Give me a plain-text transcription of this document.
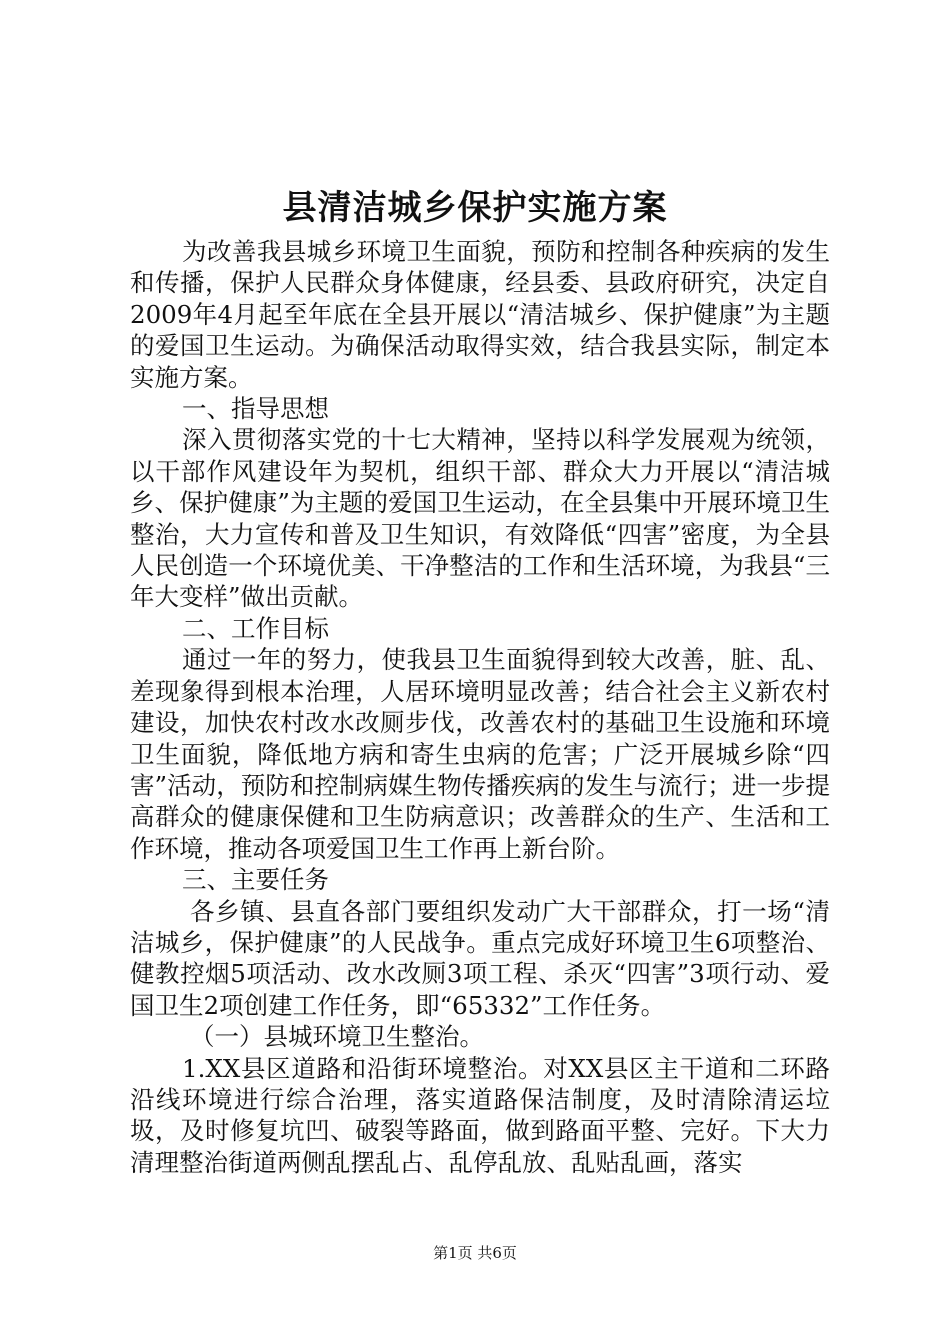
县清洁城乡保护实施方案

为改善我县城乡环境卫生面貌，预防和控制各种疾病的发生和传播，保护人民群众身体健康，经县委、县政府研究，决定自2009年4月起至年底在全县开展以“清洁城乡、保护健康”为主题的爱国卫生运动。为确保活动取得实效，结合我县实际，制定本实施方案。

一、指导思想

深入贯彻落实党的十七大精神，坚持以科学发展观为统领，以干部作风建设年为契机，组织干部、群众大力开展以“清洁城乡、保护健康”为主题的爱国卫生运动，在全县集中开展环境卫生整治，大力宣传和普及卫生知识，有效降低“四害”密度，为全县人民创造一个环境优美、干净整洁的工作和生活环境，为我县“三年大变样”做出贡献。

二、工作目标

通过一年的努力，使我县卫生面貌得到较大改善，脏、乱、差现象得到根本治理，人居环境明显改善；结合社会主义新农村建设，加快农村改水改厕步伐，改善农村的基础卫生设施和环境卫生面貌，降低地方病和寄生虫病的危害；广泛开展城乡除“四害”活动，预防和控制病媒生物传播疾病的发生与流行；进一步提高群众的健康保健和卫生防病意识；改善群众的生产、生活和工作环境，推动各项爱国卫生工作再上新台阶。

三、主要任务

各乡镇、县直各部门要组织发动广大干部群众，打一场“清洁城乡，保护健康”的人民战争。重点完成好环境卫生6项整治、健教控烟5项活动、改水改厕3项工程、杀灭“四害”3项行动、爱国卫生2项创建工作任务，即“65332”工作任务。

（一）县城环境卫生整治。

1.XX县区道路和沿街环境整治。对XX县区主干道和二环路沿线环境进行综合治理，落实道路保洁制度，及时清除清运垃圾，及时修复坑凹、破裂等路面，做到路面平整、完好。下大力清理整治街道两侧乱摆乱占、乱停乱放、乱贴乱画，落实

第1页 共6页
